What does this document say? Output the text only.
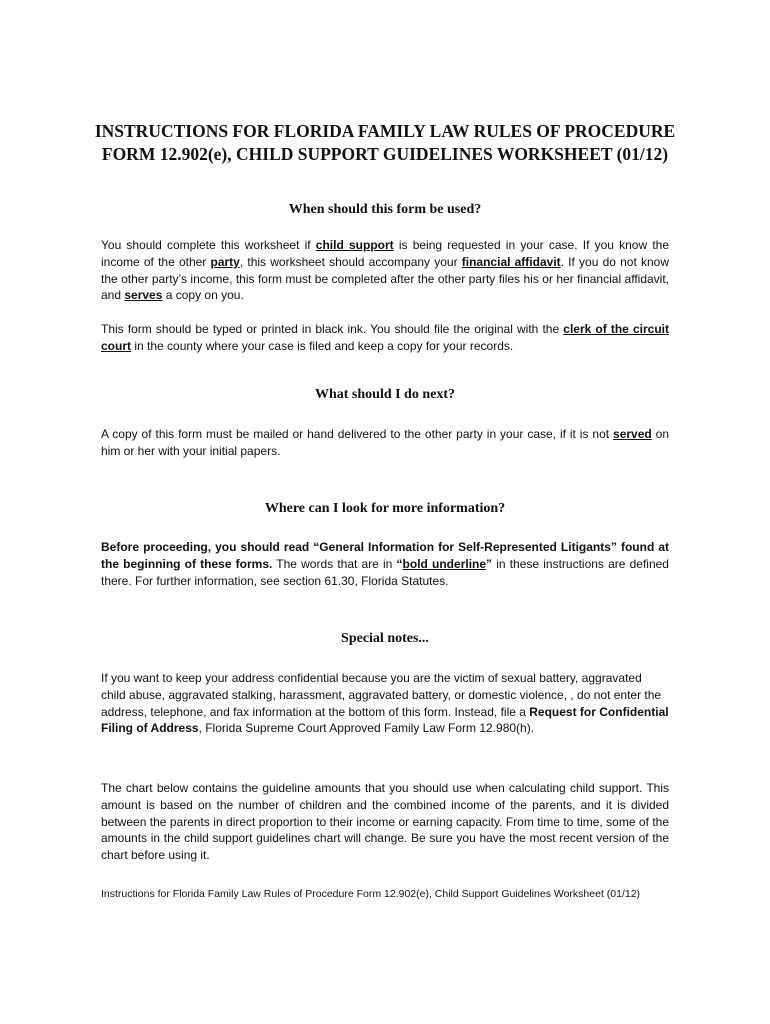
INSTRUCTIONS FOR FLORIDA FAMILY LAW RULES OF PROCEDURE
FORM 12.902(e), CHILD SUPPORT GUIDELINES WORKSHEET (01/12)
When should this form be used?

You should complete this worksheet if child support is being requested in your case. If you know the income of the other party, this worksheet should accompany your financial affidavit. If you do not know the other party’s income, this form must be completed after the other party files his or her financial affidavit, and serves a copy on you.

This form should be typed or printed in black ink. You should file the original with the clerk of the circuit court in the county where your case is filed and keep a copy for your records.

What should I do next?

A copy of this form must be mailed or hand delivered to the other party in your case, if it is not served on him or her with your initial papers.

Where can I look for more information?

Before proceeding, you should read “General Information for Self-Represented Litigants” found at the beginning of these forms. The words that are in “bold underline” in these instructions are defined there. For further information, see section 61.30, Florida Statutes.

Special notes...

If you want to keep your address confidential because you are the victim of sexual battery, aggravated child abuse, aggravated stalking, harassment, aggravated battery, or domestic violence, , do not enter the address, telephone, and fax information at the bottom of this form. Instead, file a Request for Confidential Filing of Address, Florida Supreme Court Approved Family Law Form 12.980(h).

The chart below contains the guideline amounts that you should use when calculating child support. This amount is based on the number of children and the combined income of the parents, and it is divided between the parents in direct proportion to their income or earning capacity. From time to time, some of the amounts in the child support guidelines chart will change. Be sure you have the most recent version of the chart before using it.

Instructions for Florida Family Law Rules of Procedure Form 12.902(e), Child Support Guidelines Worksheet (01/12)
